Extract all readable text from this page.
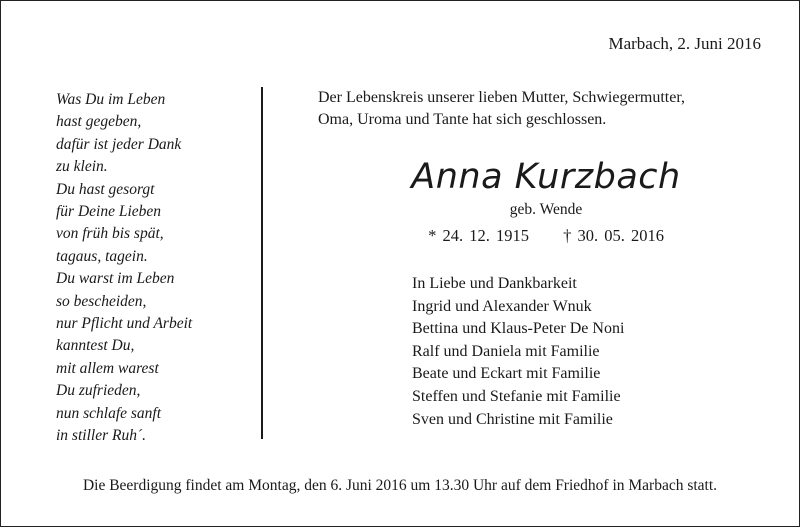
Marbach, 2. Juni 2016
Was Du im Leben
hast gegeben,
dafür ist jeder Dank
zu klein.
Du hast gesorgt
für Deine Lieben
von früh bis spät,
tagaus, tagein.
Du warst im Leben
so bescheiden,
nur Pflicht und Arbeit
kanntest Du,
mit allem warest
Du zufrieden,
nun schlafe sanft
in stiller Ruh´.
Der Lebenskreis unserer lieben Mutter, Schwiegermutter,
Oma, Uroma und Tante hat sich geschlossen.
Anna Kurzbach
geb. Wende
* 24. 12. 1915 † 30. 05. 2016
In Liebe und Dankbarkeit
Ingrid und Alexander Wnuk
Bettina und Klaus-Peter De Noni
Ralf und Daniela mit Familie
Beate und Eckart mit Familie
Steffen und Stefanie mit Familie
Sven und Christine mit Familie
Die Beerdigung findet am Montag, den 6. Juni 2016 um 13.30 Uhr auf dem Friedhof in Marbach statt.
